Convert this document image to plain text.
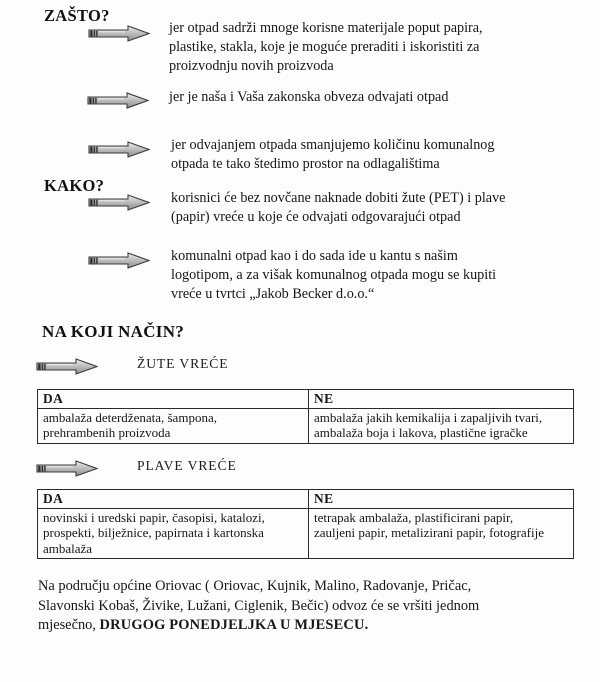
ZAŠTO?
jer otpad sadrži mnoge korisne materijale poput papira,
plastike, stakla, koje je moguće preraditi i iskoristiti za
proizvodnju novih proizvoda
jer je naša i Vaša zakonska obveza odvajati otpad
jer odvajanjem otpada smanjujemo količinu komunalnog
otpada te tako štedimo prostor na odlagalištima
KAKO?
korisnici će bez novčane naknade dobiti žute (PET) i plave
(papir) vreće u koje će odvajati odgovarajući otpad
komunalni otpad kao i do sada ide u kantu s našim
logotipom, a za višak komunalnog otpada mogu se kupiti
vreće u tvrtci „Jakob Becker d.o.o.“
NA KOJI NAČIN?
ŽUTE VREĆE
DA	NE

ambalaža deterdženata, šampona,
prehrambenih proizvoda	ambalaža jakih kemikalija i zapaljivih tvari,
ambalaža boja i lakova, plastične igračke
PLAVE VREĆE
DA	NE

novinski i uredski papir, časopisi, katalozi,
prospekti, bilježnice, papirnata i kartonska
ambalaža	tetrapak ambalaža, plastificirani papir,
zauljeni papir, metalizirani papir, fotografije
Na području općine Oriovac ( Oriovac, Kujnik, Malino, Radovanje, Pričac,
Slavonski Kobaš, Živike, Lužani, Ciglenik, Bečic) odvoz će se vršiti jednom
mjesečno, DRUGOG PONEDJELJKA U MJESECU.
